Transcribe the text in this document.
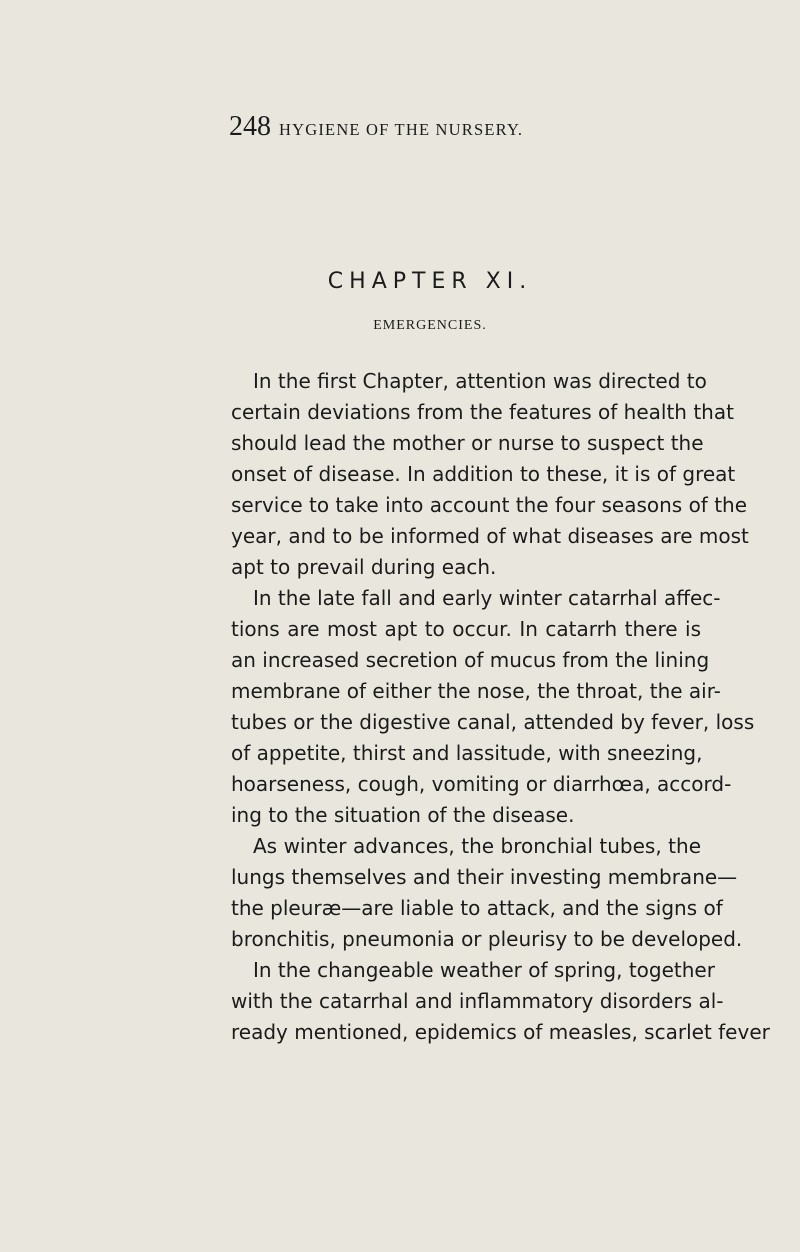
248 HYGIENE OF THE NURSERY.
CHAPTER XI.
EMERGENCIES.

In the first Chapter, attention was directed to
certain deviations from the features of health that
should lead the mother or nurse to suspect the
onset of disease. In addition to these, it is of great
service to take into account the four seasons of the
year, and to be informed of what diseases are most
apt to prevail during each.

In the late fall and early winter catarrhal affec-
tions are most apt to occur. In catarrh there is
an increased secretion of mucus from the lining
membrane of either the nose, the throat, the air-
tubes or the digestive canal, attended by fever, loss
of appetite, thirst and lassitude, with sneezing,
hoarseness, cough, vomiting or diarrhœa, accord-
ing to the situation of the disease.

As winter advances, the bronchial tubes, the
lungs themselves and their investing membrane—
the pleuræ—are liable to attack, and the signs of
bronchitis, pneumonia or pleurisy to be developed.

In the changeable weather of spring, together
with the catarrhal and inflammatory disorders al-
ready mentioned, epidemics of measles, scarlet fever
